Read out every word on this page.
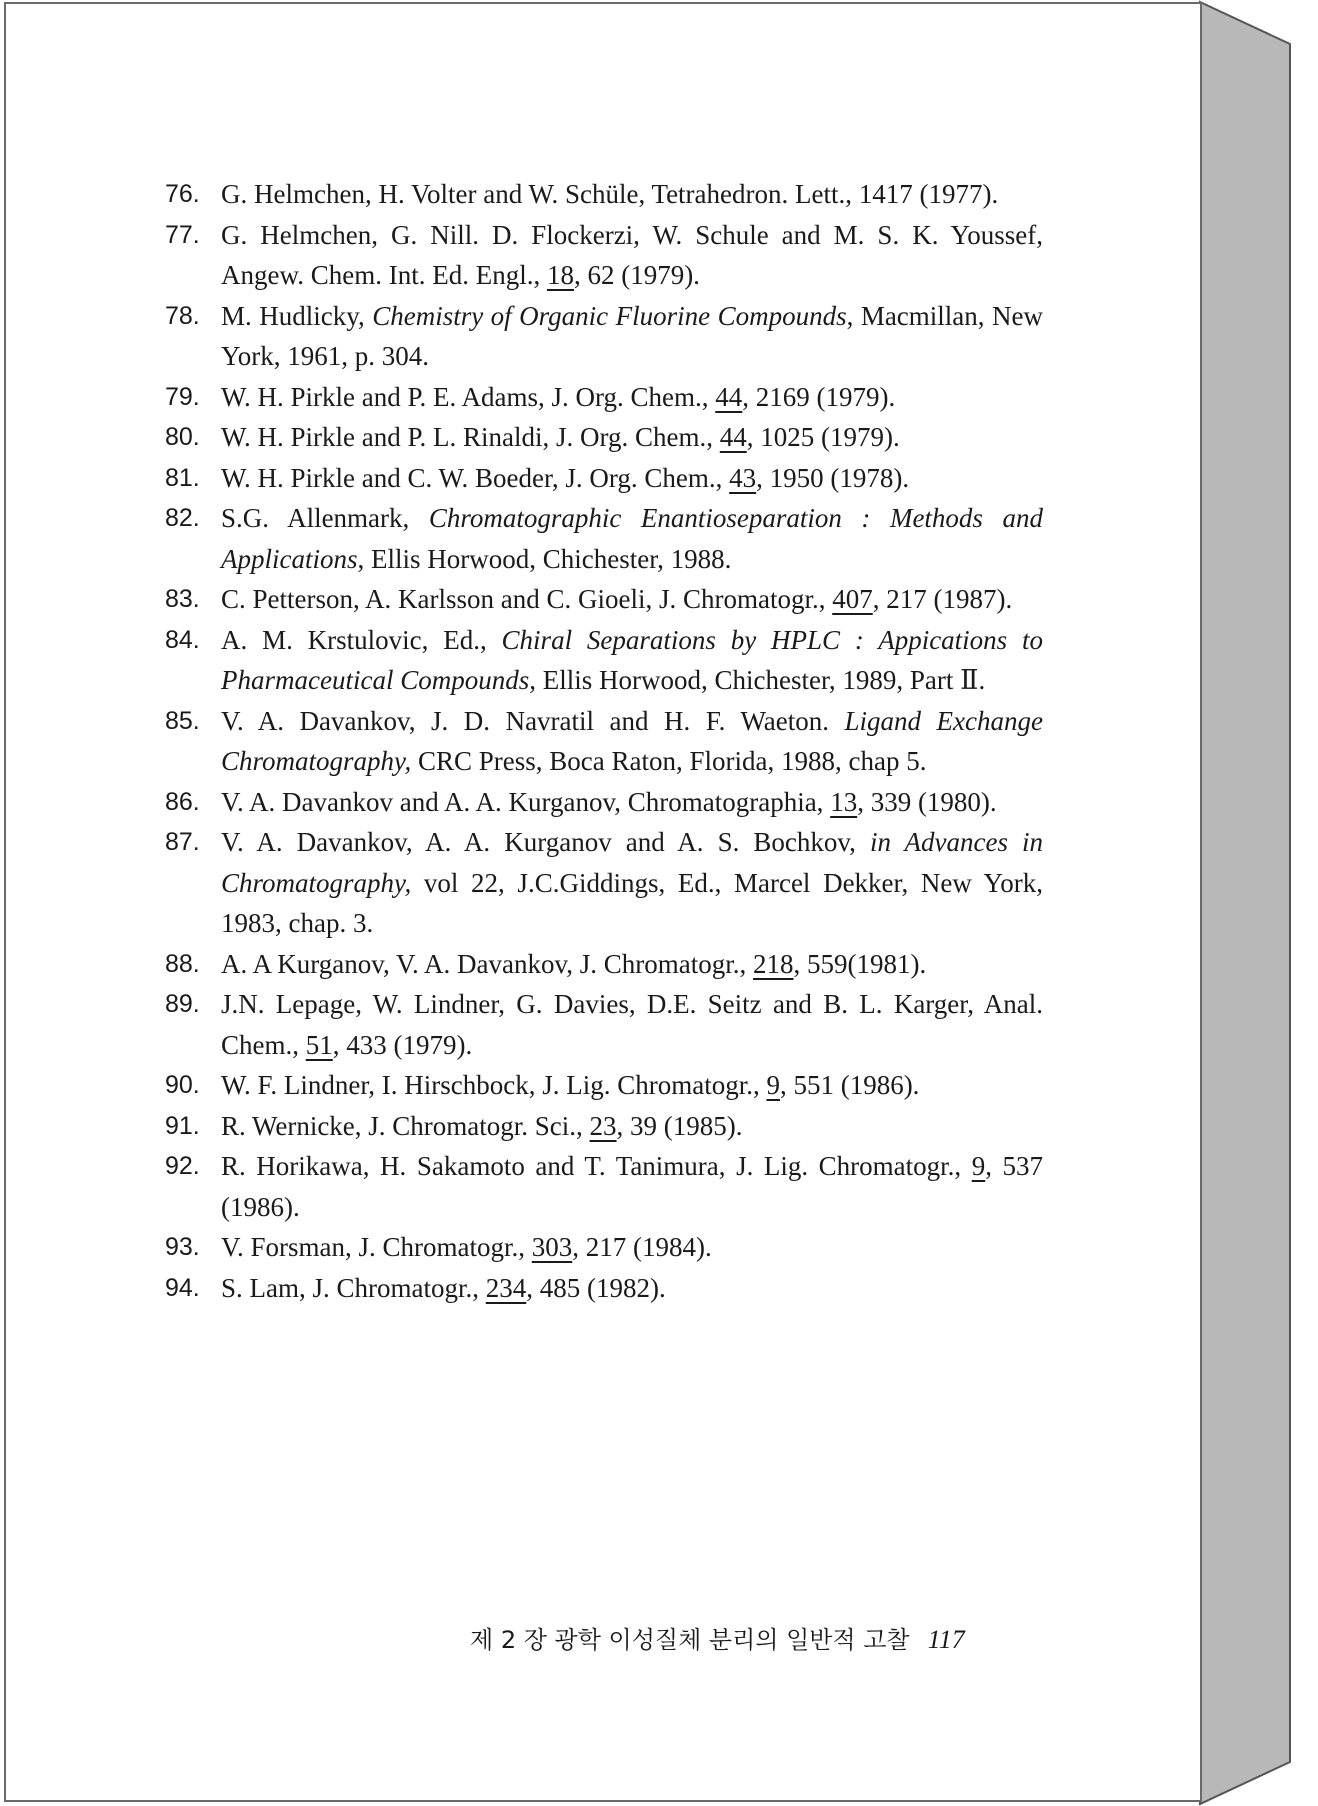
76. G. Helmchen, H. Volter and W. Schüle, Tetrahedron. Lett., 1417 (1977).
77. G. Helmchen, G. Nill. D. Flockerzi, W. Schule and M. S. K. Youssef, Angew. Chem. Int. Ed. Engl., 18, 62 (1979).
78. M. Hudlicky, Chemistry of Organic Fluorine Compounds, Macmillan, New York, 1961, p. 304.
79. W. H. Pirkle and P. E. Adams, J. Org. Chem., 44, 2169 (1979).
80. W. H. Pirkle and P. L. Rinaldi, J. Org. Chem., 44, 1025 (1979).
81. W. H. Pirkle and C. W. Boeder, J. Org. Chem., 43, 1950 (1978).
82. S.G. Allenmark, Chromatographic Enantioseparation : Methods and Applications, Ellis Horwood, Chichester, 1988.
83. C. Petterson, A. Karlsson and C. Gioeli, J. Chromatogr., 407, 217 (1987).
84. A. M. Krstulovic, Ed., Chiral Separations by HPLC : Appications to Pharmaceutical Compounds, Ellis Horwood, Chichester, 1989, Part Ⅱ.
85. V. A. Davankov, J. D. Navratil and H. F. Waeton. Ligand Exchange Chromatography, CRC Press, Boca Raton, Florida, 1988, chap 5.
86. V. A. Davankov and A. A. Kurganov, Chromatographia, 13, 339 (1980).
87. V. A. Davankov, A. A. Kurganov and A. S. Bochkov, in Advances in Chromatography, vol 22, J.C.Giddings, Ed., Marcel Dekker, New York, 1983, chap. 3.
88. A. A Kurganov, V. A. Davankov, J. Chromatogr., 218, 559(1981).
89. J.N. Lepage, W. Lindner, G. Davies, D.E. Seitz and B. L. Karger, Anal. Chem., 51, 433 (1979).
90. W. F. Lindner, I. Hirschbock, J. Lig. Chromatogr., 9, 551 (1986).
91. R. Wernicke, J. Chromatogr. Sci., 23, 39 (1985).
92. R. Horikawa, H. Sakamoto and T. Tanimura, J. Lig. Chromatogr., 9, 537 (1986).
93. V. Forsman, J. Chromatogr., 303, 217 (1984).
94. S. Lam, J. Chromatogr., 234, 485 (1982).
제 2 장 광학 이성질체 분리의 일반적 고찰 117
